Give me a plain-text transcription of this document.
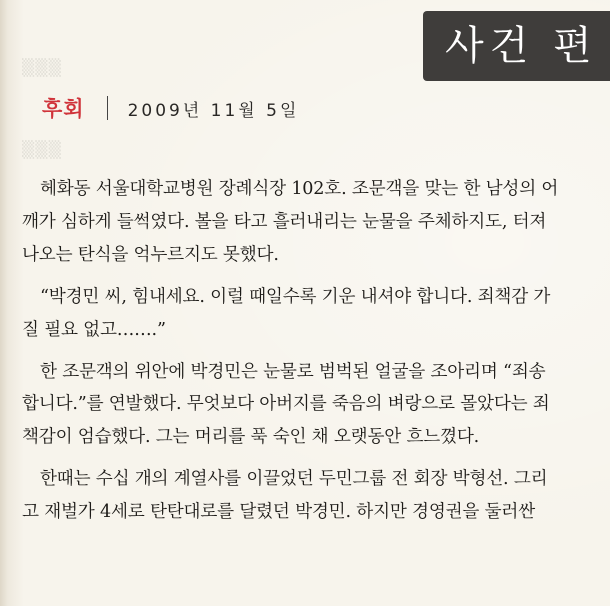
▒▒▒
▒▒▒
사건 편
후회	2009년 11월 5일

헤화동 서울대학교병원 장례식장 102호. 조문객을 맞는 한 남성의 어
깨가 심하게 들썩였다. 볼을 타고 흘러내리는 눈물을 주체하지도, 터져
나오는 탄식을 억누르지도 못했다.

“박경민 씨, 힘내세요. 이럴 때일수록 기운 내셔야 합니다. 죄책감 가
질 필요 없고…….”

한 조문객의 위안에 박경민은 눈물로 범벅된 얼굴을 조아리며 “죄송
합니다.”를 연발했다. 무엇보다 아버지를 죽음의 벼랑으로 몰았다는 죄
책감이 엄습했다. 그는 머리를 푹 숙인 채 오랫동안 흐느꼈다.

한때는 수십 개의 계열사를 이끌었던 두민그룹 전 회장 박형선. 그리
고 재벌가 4세로 탄탄대로를 달렸던 박경민. 하지만 경영권을 둘러싼
